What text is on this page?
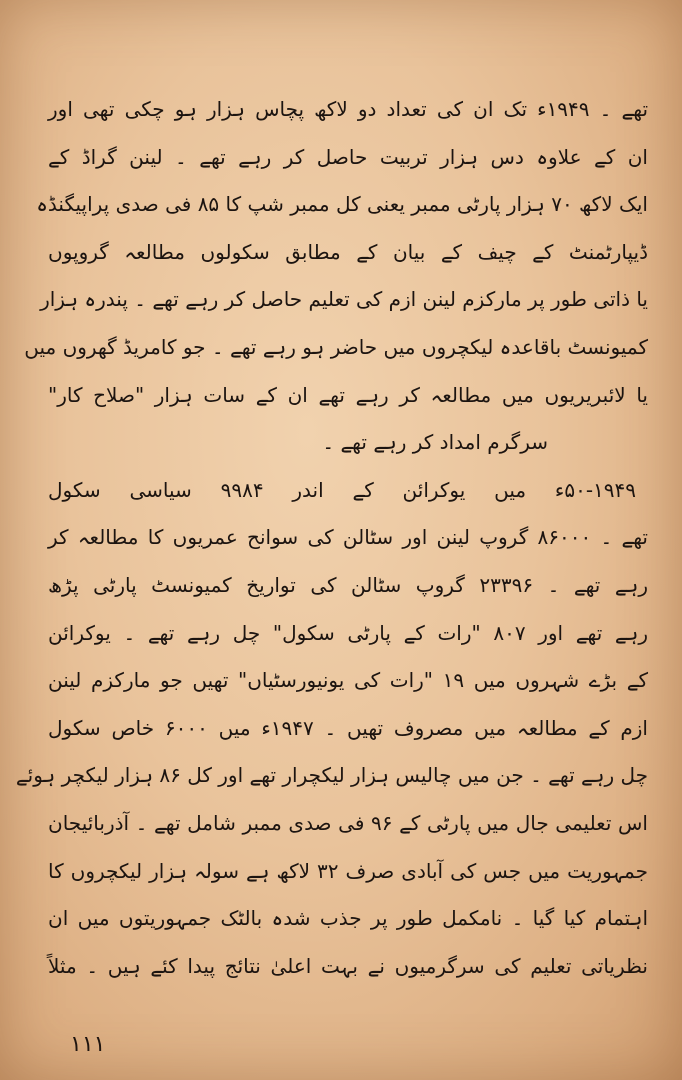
تھے ۔ ۱۹۴۹ء تک ان کی تعداد دو لاکھ پچاس ہزار ہو چکی تھی اور
ان کے علاوہ دس ہزار تربیت حاصل کر رہے تھے ۔ لینن گراڈ کے
ایک لاکھ ۷۰ ہزار پارٹی ممبر یعنی کل ممبر شپ کا ۸۵ فی صدی پراپیگنڈہ
ڈیپارٹمنٹ کے چیف کے بیان کے مطابق سکولوں مطالعہ گروپوں
یا ذاتی طور پر مارکزم لینن ازم کی تعلیم حاصل کر رہے تھے ۔ پندرہ ہزار
کمیونسٹ باقاعدہ لیکچروں میں حاضر ہو رہے تھے ۔ جو کامریڈ گھروں میں
یا لائبریریوں میں مطالعہ کر رہے تھے ان کے سات ہزار "صلاح کار"
سرگرم امداد کر رہے تھے ۔
۵۰-۱۹۴۹ء میں یوکرائن کے اندر ۹۹۸۴ سیاسی سکول
تھے ۔ ۸۶۰۰۰ گروپ لینن اور سٹالن کی سوانح عمریوں کا مطالعہ کر
رہے تھے ۔ ۲۳۳۹۶ گروپ سٹالن کی تواریخ کمیونسٹ پارٹی پڑھ
رہے تھے اور ۸۰۷ "رات کے پارٹی سکول" چل رہے تھے ۔ یوکرائن
کے بڑے شہروں میں ۱۹ "رات کی یونیورسٹیاں" تھیں جو مارکزم لینن
ازم کے مطالعہ میں مصروف تھیں ۔ ۱۹۴۷ء میں ۶۰۰۰ خاص سکول
چل رہے تھے ۔ جن میں چالیس ہزار لیکچرار تھے اور کل ۸۶ ہزار لیکچر ہوئے
اس تعلیمی جال میں پارٹی کے ۹۶ فی صدی ممبر شامل تھے ۔ آذربائیجان
جمہوریت میں جس کی آبادی صرف ۳۲ لاکھ ہے سولہ ہزار لیکچروں کا
اہتمام کیا گیا ۔ نامکمل طور پر جذب شدہ بالٹک جمہوریتوں میں ان
نظریاتی تعلیم کی سرگرمیوں نے بہت اعلیٰ نتائج پیدا کئے ہیں ۔ مثلاً
۱۱۱
